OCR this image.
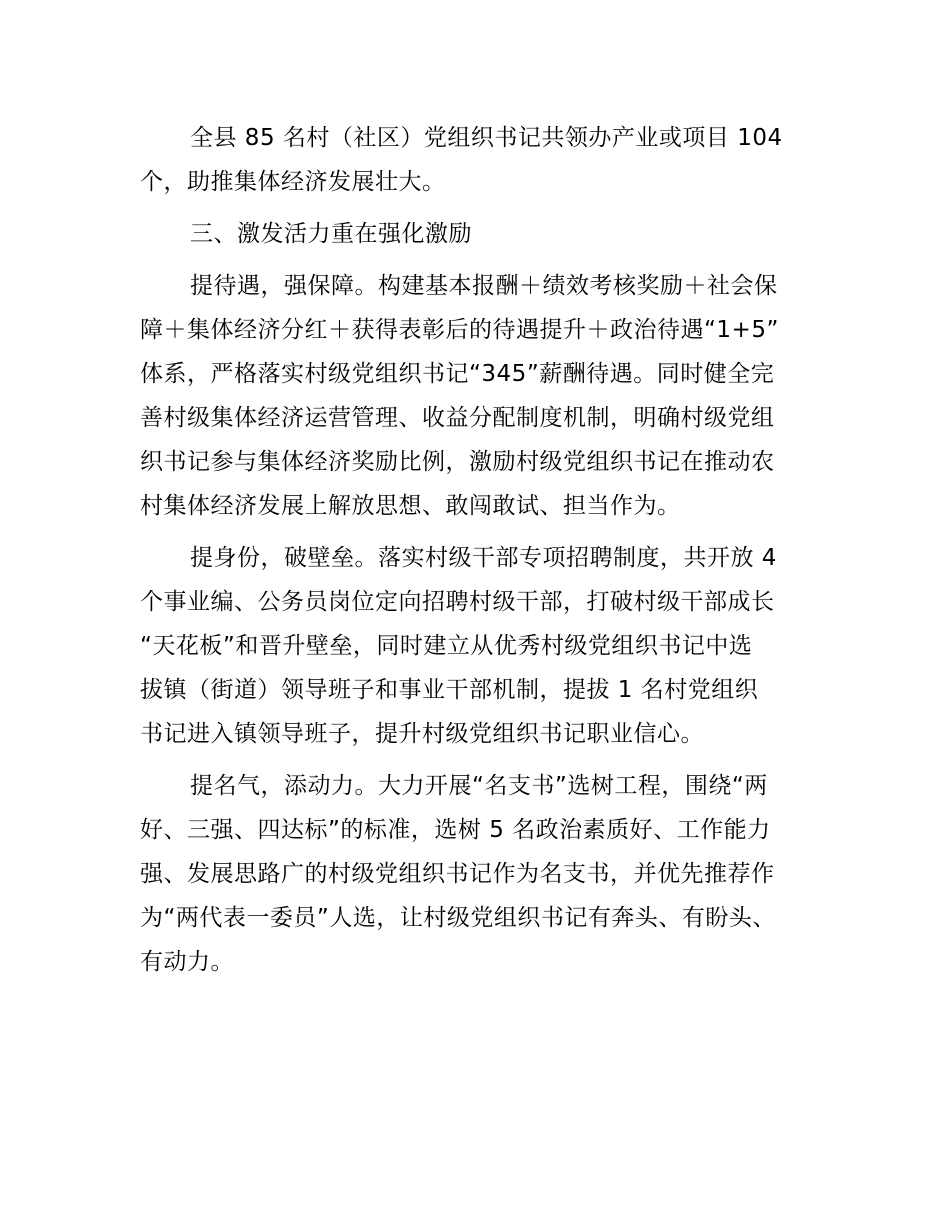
全县 85 名村（社区）党组织书记共领办产业或项目 104
个，助推集体经济发展壮大。
三、激发活力重在强化激励
提待遇，强保障。构建基本报酬＋绩效考核奖励＋社会保
障＋集体经济分红＋获得表彰后的待遇提升＋政治待遇“1+5”
体系，严格落实村级党组织书记“345”薪酬待遇。同时健全完
善村级集体经济运营管理、收益分配制度机制，明确村级党组
织书记参与集体经济奖励比例，激励村级党组织书记在推动农
村集体经济发展上解放思想、敢闯敢试、担当作为。
提身份，破壁垒。落实村级干部专项招聘制度，共开放 4
个事业编、公务员岗位定向招聘村级干部，打破村级干部成长
“天花板”和晋升壁垒，同时建立从优秀村级党组织书记中选
拔镇（街道）领导班子和事业干部机制，提拔 1 名村党组织
书记进入镇领导班子，提升村级党组织书记职业信心。
提名气，添动力。大力开展“名支书”选树工程，围绕“两
好、三强、四达标”的标准，选树 5 名政治素质好、工作能力
强、发展思路广的村级党组织书记作为名支书，并优先推荐作
为“两代表一委员”人选，让村级党组织书记有奔头、有盼头、
有动力。
